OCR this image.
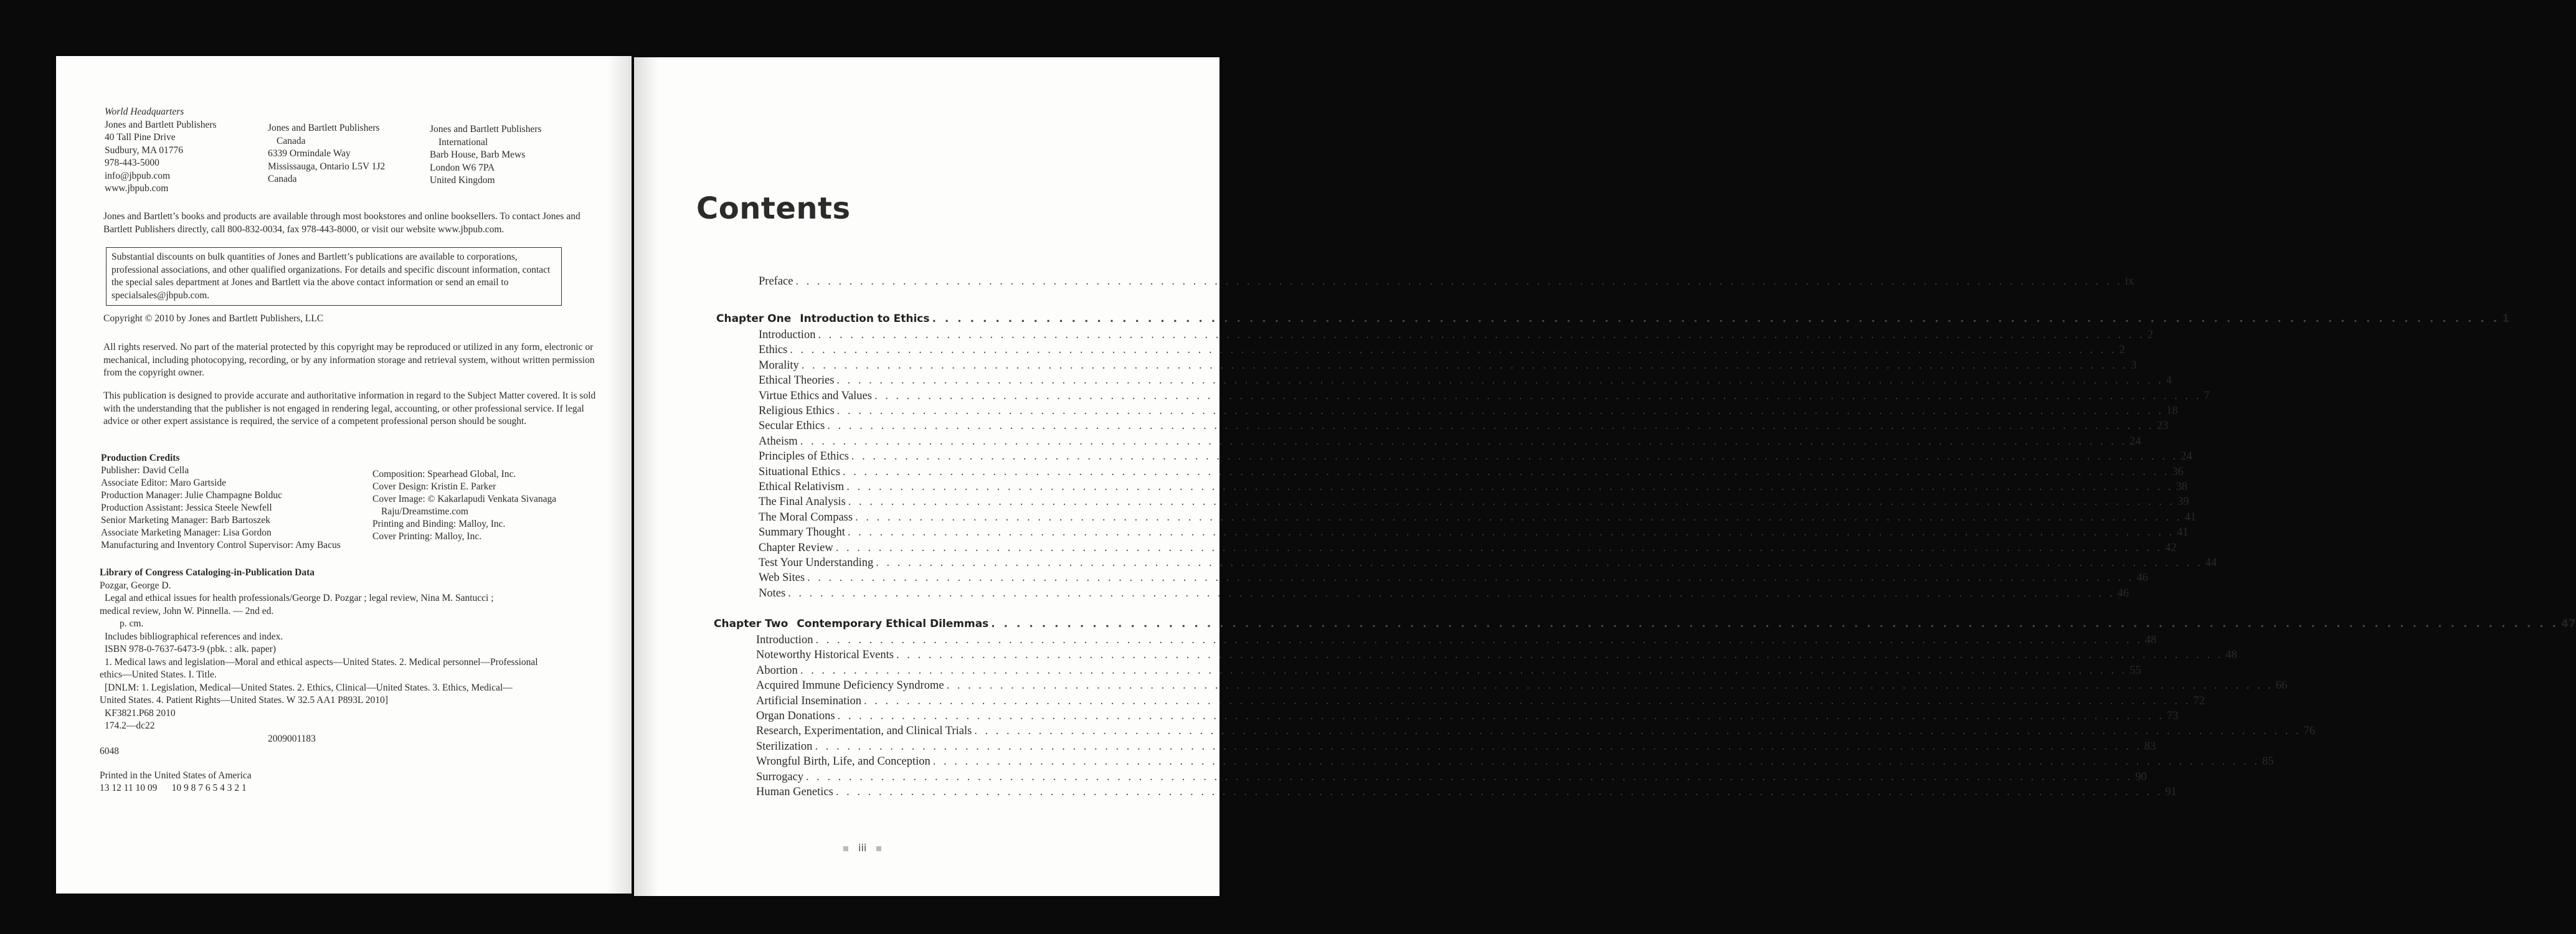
World Headquarters
Jones and Bartlett Publishers
40 Tall Pine Drive
Sudbury, MA 01776
978-443-5000
info@jbpub.com
www.jbpub.com
Jones and Bartlett Publishers
Canada
6339 Ormindale Way
Mississauga, Ontario L5V 1J2
Canada
Jones and Bartlett Publishers
International
Barb House, Barb Mews
London W6 7PA
United Kingdom
Jones and Bartlett’s books and products are available through most bookstores and online booksellers. To contact Jones and Bartlett Publishers directly, call 800-832-0034, fax 978-443-8000, or visit our website www.jbpub.com.
Substantial discounts on bulk quantities of Jones and Bartlett’s publications are available to corporations, professional associations, and other qualified organizations. For details and specific discount information, contact the special sales department at Jones and Bartlett via the above contact information or send an email to specialsales@jbpub.com.
Copyright © 2010 by Jones and Bartlett Publishers, LLC
All rights reserved. No part of the material protected by this copyright may be reproduced or utilized in any form, electronic or mechanical, including photocopying, recording, or by any information storage and retrieval system, without written permission from the copyright owner.
This publication is designed to provide accurate and authoritative information in regard to the Subject Matter covered. It is sold with the understanding that the publisher is not engaged in rendering legal, accounting, or other professional service. If legal advice or other expert assistance is required, the service of a competent professional person should be sought.
Production Credits
Publisher: David Cella
Associate Editor: Maro Gartside
Production Manager: Julie Champagne Bolduc
Production Assistant: Jessica Steele Newfell
Senior Marketing Manager: Barb Bartoszek
Associate Marketing Manager: Lisa Gordon
Manufacturing and Inventory Control Supervisor: Amy Bacus
Composition: Spearhead Global, Inc.
Cover Design: Kristin E. Parker
Cover Image: © Kakarlapudi Venkata Sivanaga
Raju/Dreamstime.com
Printing and Binding: Malloy, Inc.
Cover Printing: Malloy, Inc.
Library of Congress Cataloging-in-Publication Data
Pozgar, George D.
Legal and ethical issues for health professionals/George D. Pozgar ; legal review, Nina M. Santucci ;
medical review, John W. Pinnella. — 2nd ed.
p. cm.
Includes bibliographical references and index.
ISBN 978-0-7637-6473-9 (pbk. : alk. paper)
1. Medical laws and legislation—Moral and ethical aspects—United States. 2. Medical personnel—Professional
ethics—United States. I. Title.
[DNLM: 1. Legislation, Medical—United States. 2. Ethics, Clinical—United States. 3. Ethics, Medical—
United States. 4. Patient Rights—United States. W 32.5 AA1 P893L 2010]
KF3821.P68 2010
174.2—dc22
2009001183
6048
Printed in the United States of America
13 12 11 10 09      10 9 8 7 6 5 4 3 2 1
Contents
Preface . . . . . . . . . . . . . . . . . . . . . . . . . . . . . . . . . . . . . . . . . . . . . . . . . . . . . . . . . . . . . . . . . . . . . . . . . . . . . . . . . . . . . . . . . . . . . . . . . . . . . . . . . . . . . . . . . . . . . . . . . . . . ix
Chapter One Introduction to Ethics . . . . . . . . . . . . . . . . . . . . . . . . . . . . . . . . . . . . . . . . . . . . . . . . . . . . . . . . . . . . . . . . . . . . . . . . . . . . . . . . . . . . . . . . . . . . . . . . . . . . . . . . . . . . . . . . . . . . . . . . . . . . 1
Introduction . . . . . . . . . . . . . . . . . . . . . . . . . . . . . . . . . . . . . . . . . . . . . . . . . . . . . . . . . . . . . . . . . . . . . . . . . . . . . . . . . . . . . . . . . . . . . . . . . . . . . . . . . . . . . . . . . . . . . . . . . . . . 2
Ethics . . . . . . . . . . . . . . . . . . . . . . . . . . . . . . . . . . . . . . . . . . . . . . . . . . . . . . . . . . . . . . . . . . . . . . . . . . . . . . . . . . . . . . . . . . . . . . . . . . . . . . . . . . . . . . . . . . . . . . . . . . . . 2
Morality . . . . . . . . . . . . . . . . . . . . . . . . . . . . . . . . . . . . . . . . . . . . . . . . . . . . . . . . . . . . . . . . . . . . . . . . . . . . . . . . . . . . . . . . . . . . . . . . . . . . . . . . . . . . . . . . . . . . . . . . . . . . 3
Ethical Theories . . . . . . . . . . . . . . . . . . . . . . . . . . . . . . . . . . . . . . . . . . . . . . . . . . . . . . . . . . . . . . . . . . . . . . . . . . . . . . . . . . . . . . . . . . . . . . . . . . . . . . . . . . . . . . . . . . . . . . . . . . . . 4
Virtue Ethics and Values . . . . . . . . . . . . . . . . . . . . . . . . . . . . . . . . . . . . . . . . . . . . . . . . . . . . . . . . . . . . . . . . . . . . . . . . . . . . . . . . . . . . . . . . . . . . . . . . . . . . . . . . . . . . . . . . . . . . . . . . . . . . 7
Religious Ethics . . . . . . . . . . . . . . . . . . . . . . . . . . . . . . . . . . . . . . . . . . . . . . . . . . . . . . . . . . . . . . . . . . . . . . . . . . . . . . . . . . . . . . . . . . . . . . . . . . . . . . . . . . . . . . . . . . . . . . . . . . . . 18
Secular Ethics . . . . . . . . . . . . . . . . . . . . . . . . . . . . . . . . . . . . . . . . . . . . . . . . . . . . . . . . . . . . . . . . . . . . . . . . . . . . . . . . . . . . . . . . . . . . . . . . . . . . . . . . . . . . . . . . . . . . . . . . . . . . 23
Atheism . . . . . . . . . . . . . . . . . . . . . . . . . . . . . . . . . . . . . . . . . . . . . . . . . . . . . . . . . . . . . . . . . . . . . . . . . . . . . . . . . . . . . . . . . . . . . . . . . . . . . . . . . . . . . . . . . . . . . . . . . . . . 24
Principles of Ethics . . . . . . . . . . . . . . . . . . . . . . . . . . . . . . . . . . . . . . . . . . . . . . . . . . . . . . . . . . . . . . . . . . . . . . . . . . . . . . . . . . . . . . . . . . . . . . . . . . . . . . . . . . . . . . . . . . . . . . . . . . . . 24
Situational Ethics . . . . . . . . . . . . . . . . . . . . . . . . . . . . . . . . . . . . . . . . . . . . . . . . . . . . . . . . . . . . . . . . . . . . . . . . . . . . . . . . . . . . . . . . . . . . . . . . . . . . . . . . . . . . . . . . . . . . . . . . . . . . 36
Ethical Relativism . . . . . . . . . . . . . . . . . . . . . . . . . . . . . . . . . . . . . . . . . . . . . . . . . . . . . . . . . . . . . . . . . . . . . . . . . . . . . . . . . . . . . . . . . . . . . . . . . . . . . . . . . . . . . . . . . . . . . . . . . . . . 38
The Final Analysis . . . . . . . . . . . . . . . . . . . . . . . . . . . . . . . . . . . . . . . . . . . . . . . . . . . . . . . . . . . . . . . . . . . . . . . . . . . . . . . . . . . . . . . . . . . . . . . . . . . . . . . . . . . . . . . . . . . . . . . . . . . . 39
The Moral Compass . . . . . . . . . . . . . . . . . . . . . . . . . . . . . . . . . . . . . . . . . . . . . . . . . . . . . . . . . . . . . . . . . . . . . . . . . . . . . . . . . . . . . . . . . . . . . . . . . . . . . . . . . . . . . . . . . . . . . . . . . . . . 41
Summary Thought . . . . . . . . . . . . . . . . . . . . . . . . . . . . . . . . . . . . . . . . . . . . . . . . . . . . . . . . . . . . . . . . . . . . . . . . . . . . . . . . . . . . . . . . . . . . . . . . . . . . . . . . . . . . . . . . . . . . . . . . . . . . 41
Chapter Review . . . . . . . . . . . . . . . . . . . . . . . . . . . . . . . . . . . . . . . . . . . . . . . . . . . . . . . . . . . . . . . . . . . . . . . . . . . . . . . . . . . . . . . . . . . . . . . . . . . . . . . . . . . . . . . . . . . . . . . . . . . . 42
Test Your Understanding . . . . . . . . . . . . . . . . . . . . . . . . . . . . . . . . . . . . . . . . . . . . . . . . . . . . . . . . . . . . . . . . . . . . . . . . . . . . . . . . . . . . . . . . . . . . . . . . . . . . . . . . . . . . . . . . . . . . . . . . . . . . 44
Web Sites . . . . . . . . . . . . . . . . . . . . . . . . . . . . . . . . . . . . . . . . . . . . . . . . . . . . . . . . . . . . . . . . . . . . . . . . . . . . . . . . . . . . . . . . . . . . . . . . . . . . . . . . . . . . . . . . . . . . . . . . . . . . 46
Notes . . . . . . . . . . . . . . . . . . . . . . . . . . . . . . . . . . . . . . . . . . . . . . . . . . . . . . . . . . . . . . . . . . . . . . . . . . . . . . . . . . . . . . . . . . . . . . . . . . . . . . . . . . . . . . . . . . . . . . . . . . . . 46
Chapter Two Contemporary Ethical Dilemmas . . . . . . . . . . . . . . . . . . . . . . . . . . . . . . . . . . . . . . . . . . . . . . . . . . . . . . . . . . . . . . . . . . . . . . . . . . . . . . . . . . . . . . . . . . . . . . . . . . . . . . . . . . . . . . . . . . . . . . . . . . . . 47
Introduction . . . . . . . . . . . . . . . . . . . . . . . . . . . . . . . . . . . . . . . . . . . . . . . . . . . . . . . . . . . . . . . . . . . . . . . . . . . . . . . . . . . . . . . . . . . . . . . . . . . . . . . . . . . . . . . . . . . . . . . . . . . . 48
Noteworthy Historical Events . . . . . . . . . . . . . . . . . . . . . . . . . . . . . . . . . . . . . . . . . . . . . . . . . . . . . . . . . . . . . . . . . . . . . . . . . . . . . . . . . . . . . . . . . . . . . . . . . . . . . . . . . . . . . . . . . . . . . . . . . . . . 48
Abortion . . . . . . . . . . . . . . . . . . . . . . . . . . . . . . . . . . . . . . . . . . . . . . . . . . . . . . . . . . . . . . . . . . . . . . . . . . . . . . . . . . . . . . . . . . . . . . . . . . . . . . . . . . . . . . . . . . . . . . . . . . . . 55
Acquired Immune Deficiency Syndrome . . . . . . . . . . . . . . . . . . . . . . . . . . . . . . . . . . . . . . . . . . . . . . . . . . . . . . . . . . . . . . . . . . . . . . . . . . . . . . . . . . . . . . . . . . . . . . . . . . . . . . . . . . . . . . . . . . . . . . . . . . . . 66
Artificial Insemination . . . . . . . . . . . . . . . . . . . . . . . . . . . . . . . . . . . . . . . . . . . . . . . . . . . . . . . . . . . . . . . . . . . . . . . . . . . . . . . . . . . . . . . . . . . . . . . . . . . . . . . . . . . . . . . . . . . . . . . . . . . . 72
Organ Donations . . . . . . . . . . . . . . . . . . . . . . . . . . . . . . . . . . . . . . . . . . . . . . . . . . . . . . . . . . . . . . . . . . . . . . . . . . . . . . . . . . . . . . . . . . . . . . . . . . . . . . . . . . . . . . . . . . . . . . . . . . . . 73
Research, Experimentation, and Clinical Trials . . . . . . . . . . . . . . . . . . . . . . . . . . . . . . . . . . . . . . . . . . . . . . . . . . . . . . . . . . . . . . . . . . . . . . . . . . . . . . . . . . . . . . . . . . . . . . . . . . . . . . . . . . . . . . . . . . . . . . . . . . . . 76
Sterilization . . . . . . . . . . . . . . . . . . . . . . . . . . . . . . . . . . . . . . . . . . . . . . . . . . . . . . . . . . . . . . . . . . . . . . . . . . . . . . . . . . . . . . . . . . . . . . . . . . . . . . . . . . . . . . . . . . . . . . . . . . . . 83
Wrongful Birth, Life, and Conception . . . . . . . . . . . . . . . . . . . . . . . . . . . . . . . . . . . . . . . . . . . . . . . . . . . . . . . . . . . . . . . . . . . . . . . . . . . . . . . . . . . . . . . . . . . . . . . . . . . . . . . . . . . . . . . . . . . . . . . . . . . . 85
Surrogacy . . . . . . . . . . . . . . . . . . . . . . . . . . . . . . . . . . . . . . . . . . . . . . . . . . . . . . . . . . . . . . . . . . . . . . . . . . . . . . . . . . . . . . . . . . . . . . . . . . . . . . . . . . . . . . . . . . . . . . . . . . . . 90
Human Genetics . . . . . . . . . . . . . . . . . . . . . . . . . . . . . . . . . . . . . . . . . . . . . . . . . . . . . . . . . . . . . . . . . . . . . . . . . . . . . . . . . . . . . . . . . . . . . . . . . . . . . . . . . . . . . . . . . . . . . . . . . . . . 91
iii
